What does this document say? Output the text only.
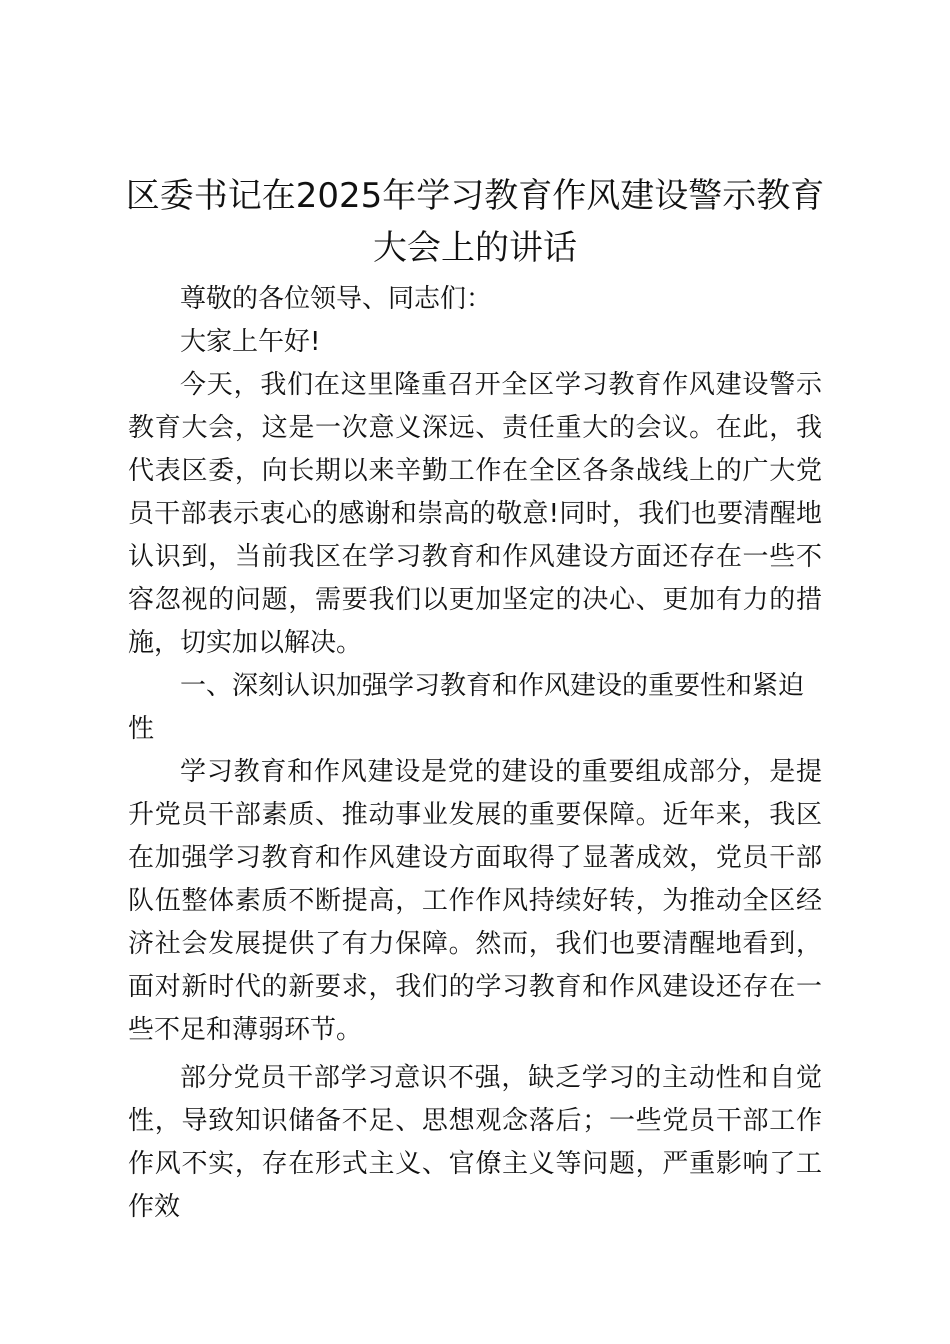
区委书记在2025年学习教育作风建设警示教育大会上的讲话

尊敬的各位领导、同志们：

大家上午好!

今天，我们在这里隆重召开全区学习教育作风建设警示教育大会，这是一次意义深远、责任重大的会议。在此，我代表区委，向长期以来辛勤工作在全区各条战线上的广大党员干部表示衷心的感谢和崇高的敬意!同时，我们也要清醒地认识到，当前我区在学习教育和作风建设方面还存在一些不容忽视的问题，需要我们以更加坚定的决心、更加有力的措施，切实加以解决。

一、深刻认识加强学习教育和作风建设的重要性和紧迫性

学习教育和作风建设是党的建设的重要组成部分，是提升党员干部素质、推动事业发展的重要保障。近年来，我区在加强学习教育和作风建设方面取得了显著成效，党员干部队伍整体素质不断提高，工作作风持续好转，为推动全区经济社会发展提供了有力保障。然而，我们也要清醒地看到，面对新时代的新要求，我们的学习教育和作风建设还存在一些不足和薄弱环节。

部分党员干部学习意识不强，缺乏学习的主动性和自觉性，导致知识储备不足、思想观念落后；一些党员干部工作作风不实，存在形式主义、官僚主义等问题，严重影响了工作效
